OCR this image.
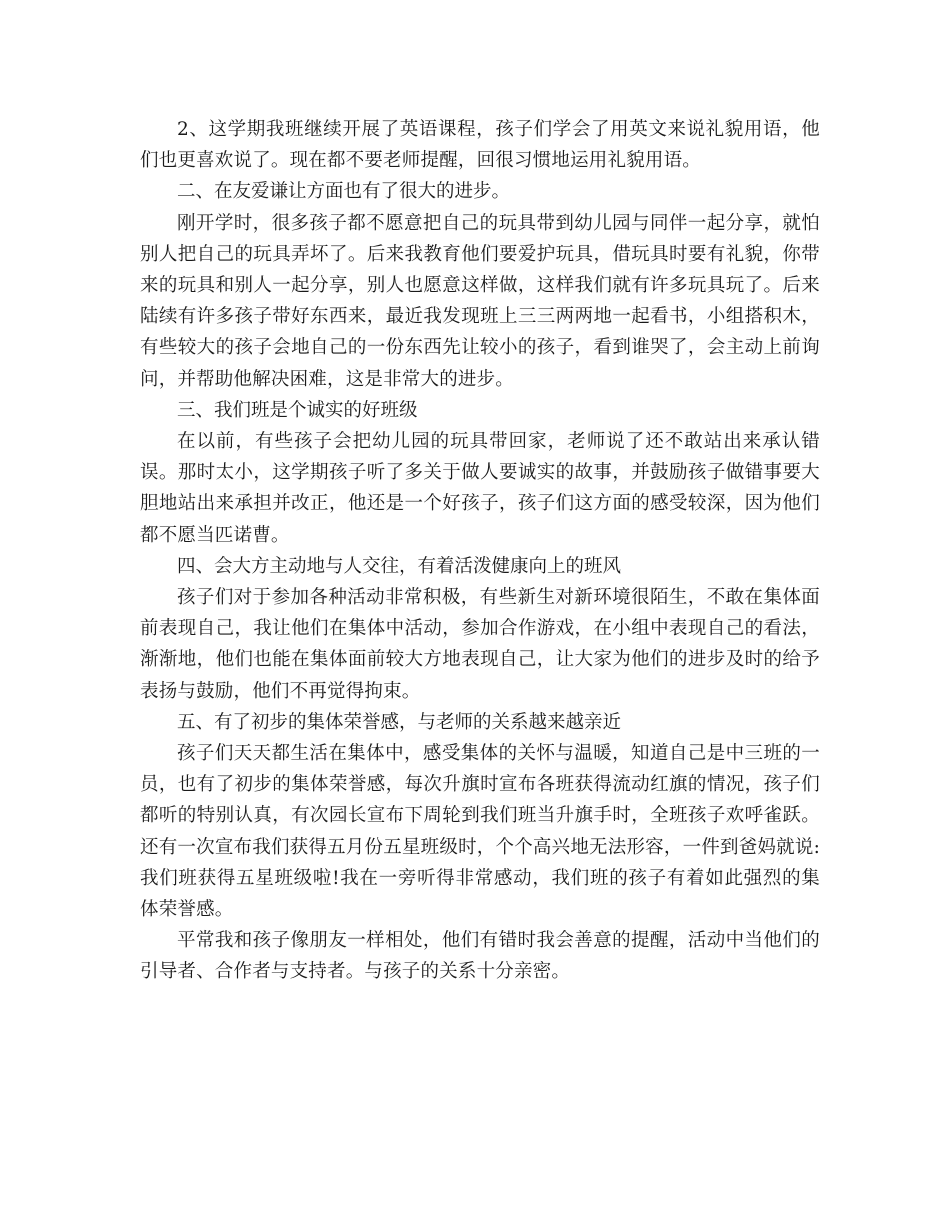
2、这学期我班继续开展了英语课程，孩子们学会了用英文来说礼貌用语，他们也更喜欢说了。现在都不要老师提醒，回很习惯地运用礼貌用语。

二、在友爱谦让方面也有了很大的进步。

刚开学时，很多孩子都不愿意把自己的玩具带到幼儿园与同伴一起分享，就怕别人把自己的玩具弄坏了。后来我教育他们要爱护玩具，借玩具时要有礼貌，你带来的玩具和别人一起分享，别人也愿意这样做，这样我们就有许多玩具玩了。后来陆续有许多孩子带好东西来，最近我发现班上三三两两地一起看书，小组搭积木，有些较大的孩子会地自己的一份东西先让较小的孩子，看到谁哭了，会主动上前询问，并帮助他解决困难，这是非常大的进步。

三、我们班是个诚实的好班级

在以前，有些孩子会把幼儿园的玩具带回家，老师说了还不敢站出来承认错误。那时太小，这学期孩子听了多关于做人要诚实的故事，并鼓励孩子做错事要大胆地站出来承担并改正，他还是一个好孩子，孩子们这方面的感受较深，因为他们都不愿当匹诺曹。

四、会大方主动地与人交往，有着活泼健康向上的班风

孩子们对于参加各种活动非常积极，有些新生对新环境很陌生，不敢在集体面前表现自己，我让他们在集体中活动，参加合作游戏，在小组中表现自己的看法，渐渐地，他们也能在集体面前较大方地表现自己，让大家为他们的进步及时的给予表扬与鼓励，他们不再觉得拘束。

五、有了初步的集体荣誉感，与老师的关系越来越亲近

孩子们天天都生活在集体中，感受集体的关怀与温暖，知道自己是中三班的一员，也有了初步的集体荣誉感，每次升旗时宣布各班获得流动红旗的情况，孩子们都听的特别认真，有次园长宣布下周轮到我们班当升旗手时，全班孩子欢呼雀跃。还有一次宣布我们获得五月份五星班级时，个个高兴地无法形容，一件到爸妈就说:我们班获得五星班级啦!我在一旁听得非常感动，我们班的孩子有着如此强烈的集体荣誉感。

平常我和孩子像朋友一样相处，他们有错时我会善意的提醒，活动中当他们的引导者、合作者与支持者。与孩子的关系十分亲密。
